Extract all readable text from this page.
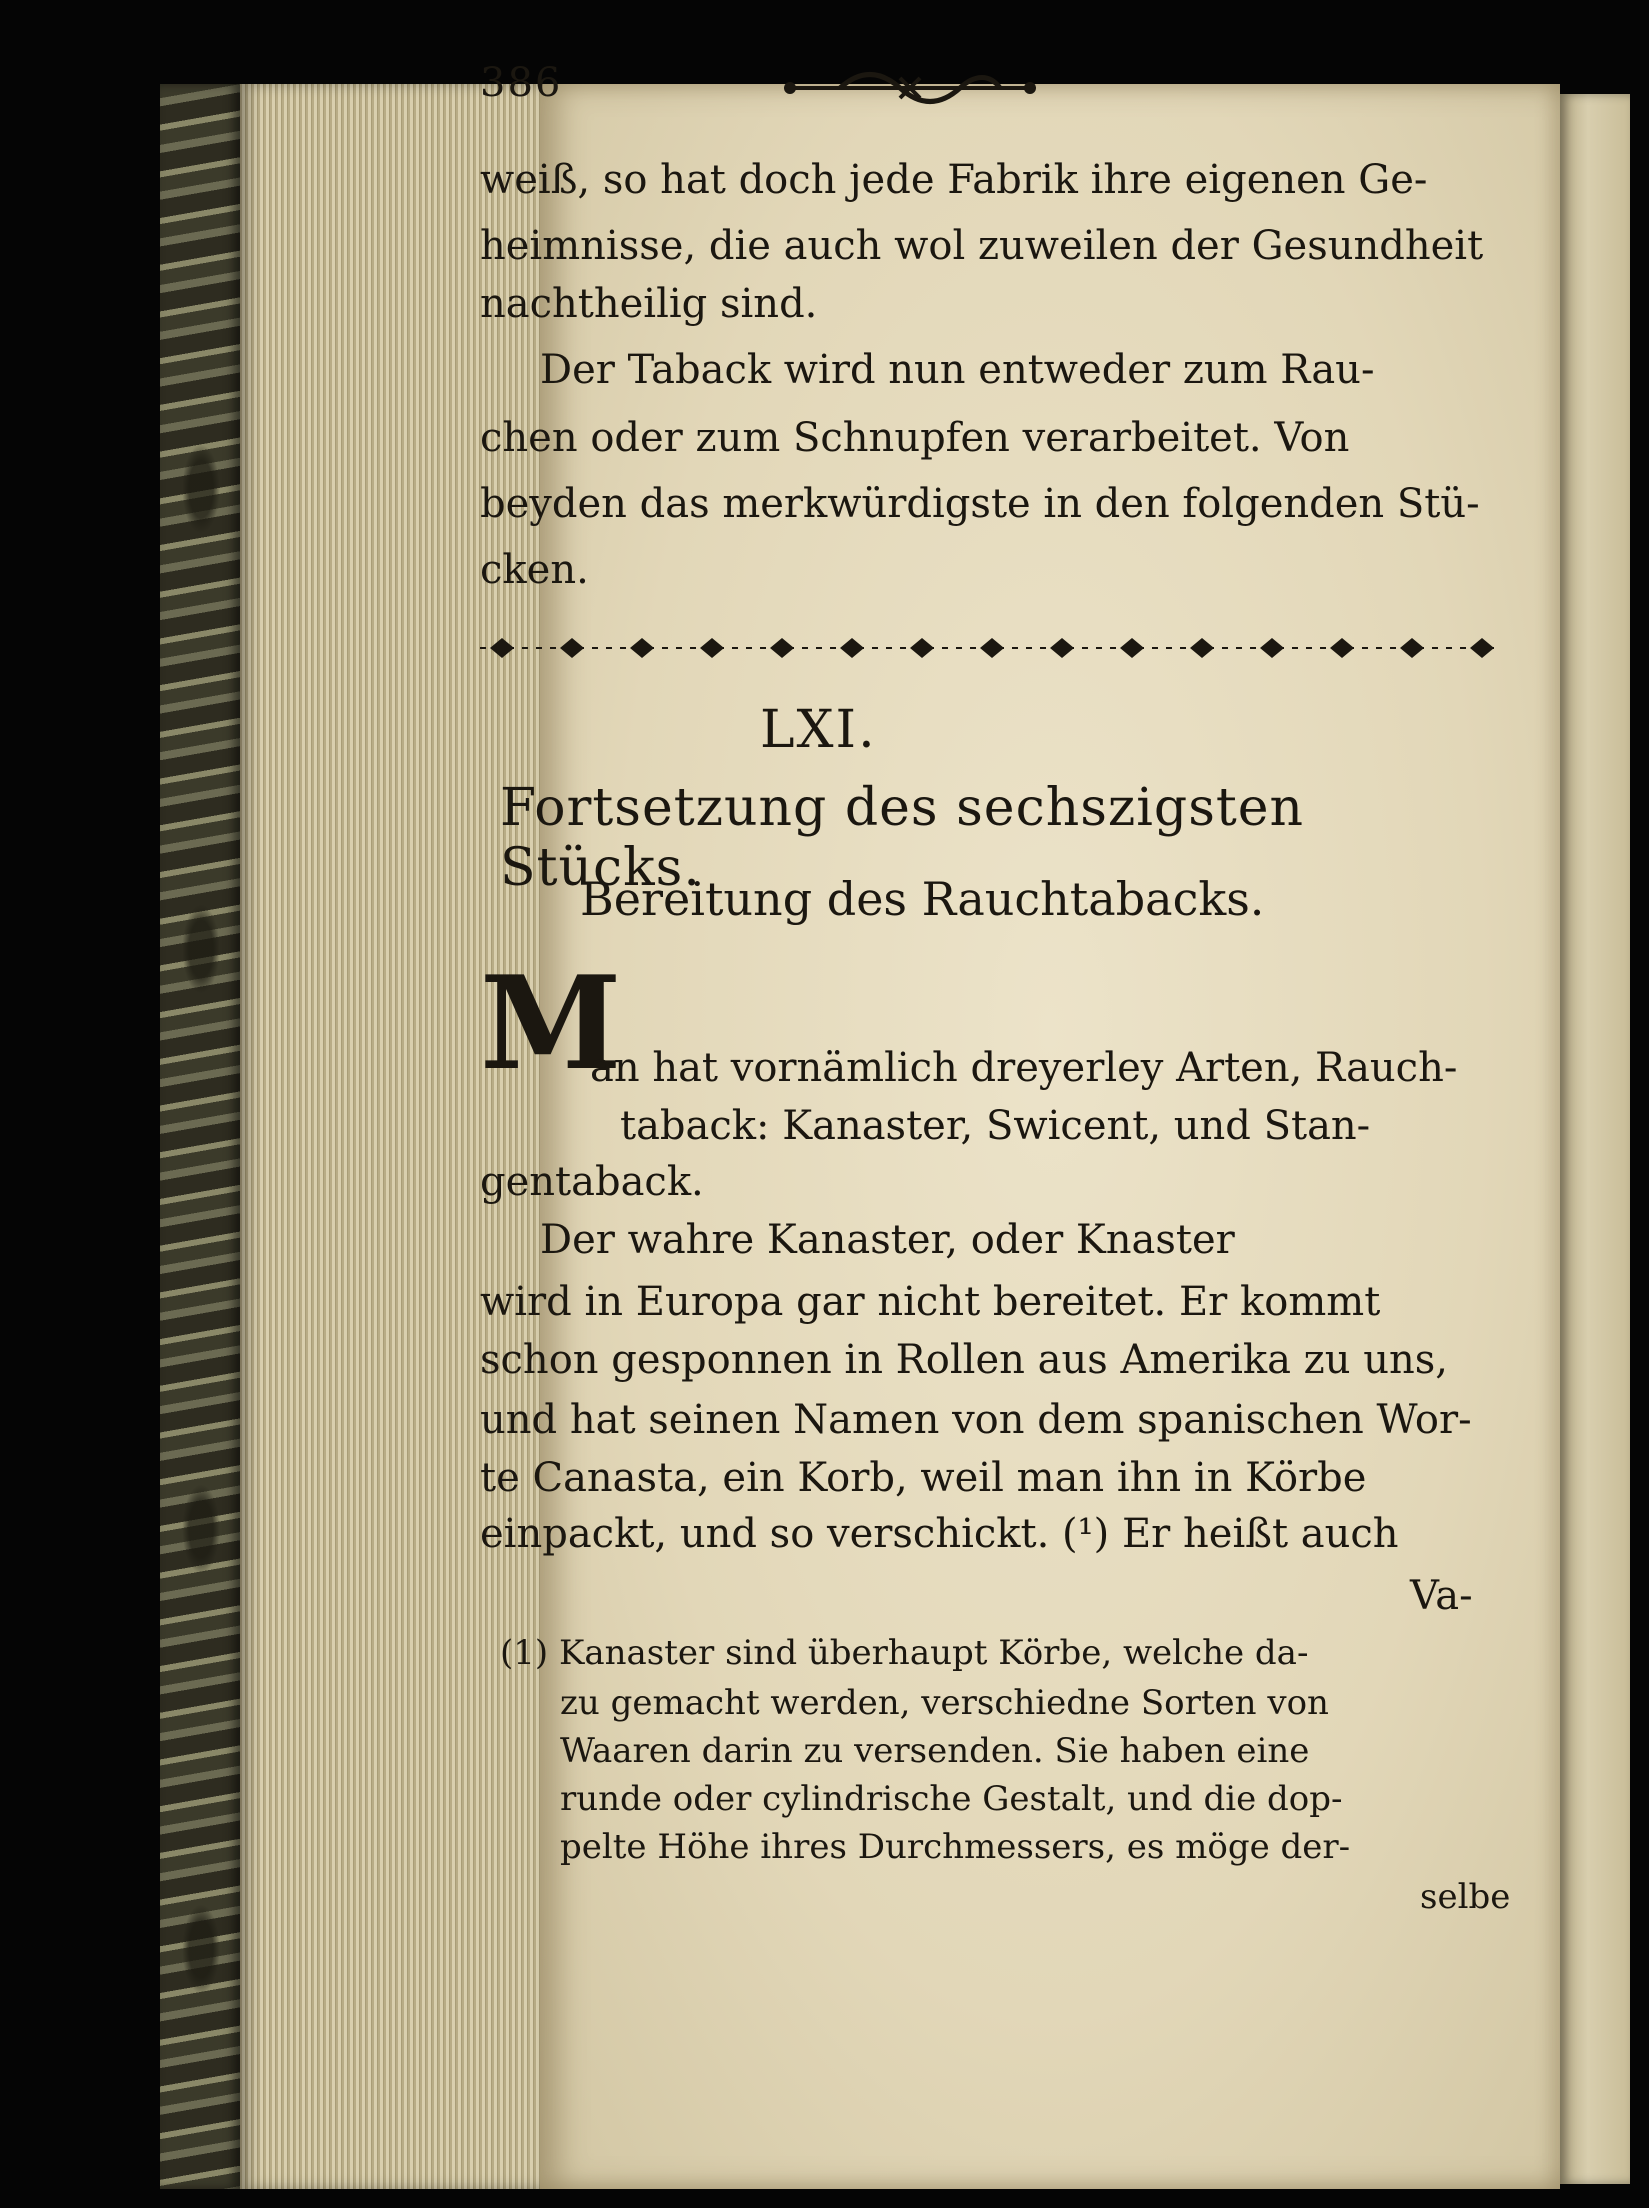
386
weiß, so hat doch jede Fabrik ihre eigenen Ge-
heimnisse, die auch wol zuweilen der Gesundheit
nachtheilig sind.
Der Taback wird nun entweder zum Rau-
chen oder zum Schnupfen verarbeitet. Von
beyden das merkwürdigste in den folgenden Stü-
cken.
LXI.
Fortsetzung des sechszigsten Stücks.
Bereitung des Rauchtabacks.
M
an hat vornämlich dreyerley Arten, Rauch-
taback: Kanaster, Swicent, und Stan-
gentaback.
Der wahre Kanaster, oder Knaster
wird in Europa gar nicht bereitet. Er kommt
schon gesponnen in Rollen aus Amerika zu uns,
und hat seinen Namen von dem spanischen Wor-
te Canasta, ein Korb, weil man ihn in Körbe
einpackt, und so verschickt. (¹) Er heißt auch
Va-
(1) Kanaster sind überhaupt Körbe, welche da-
zu gemacht werden, verschiedne Sorten von
Waaren darin zu versenden. Sie haben eine
runde oder cylindrische Gestalt, und die dop-
pelte Höhe ihres Durchmessers, es möge der-
selbe
